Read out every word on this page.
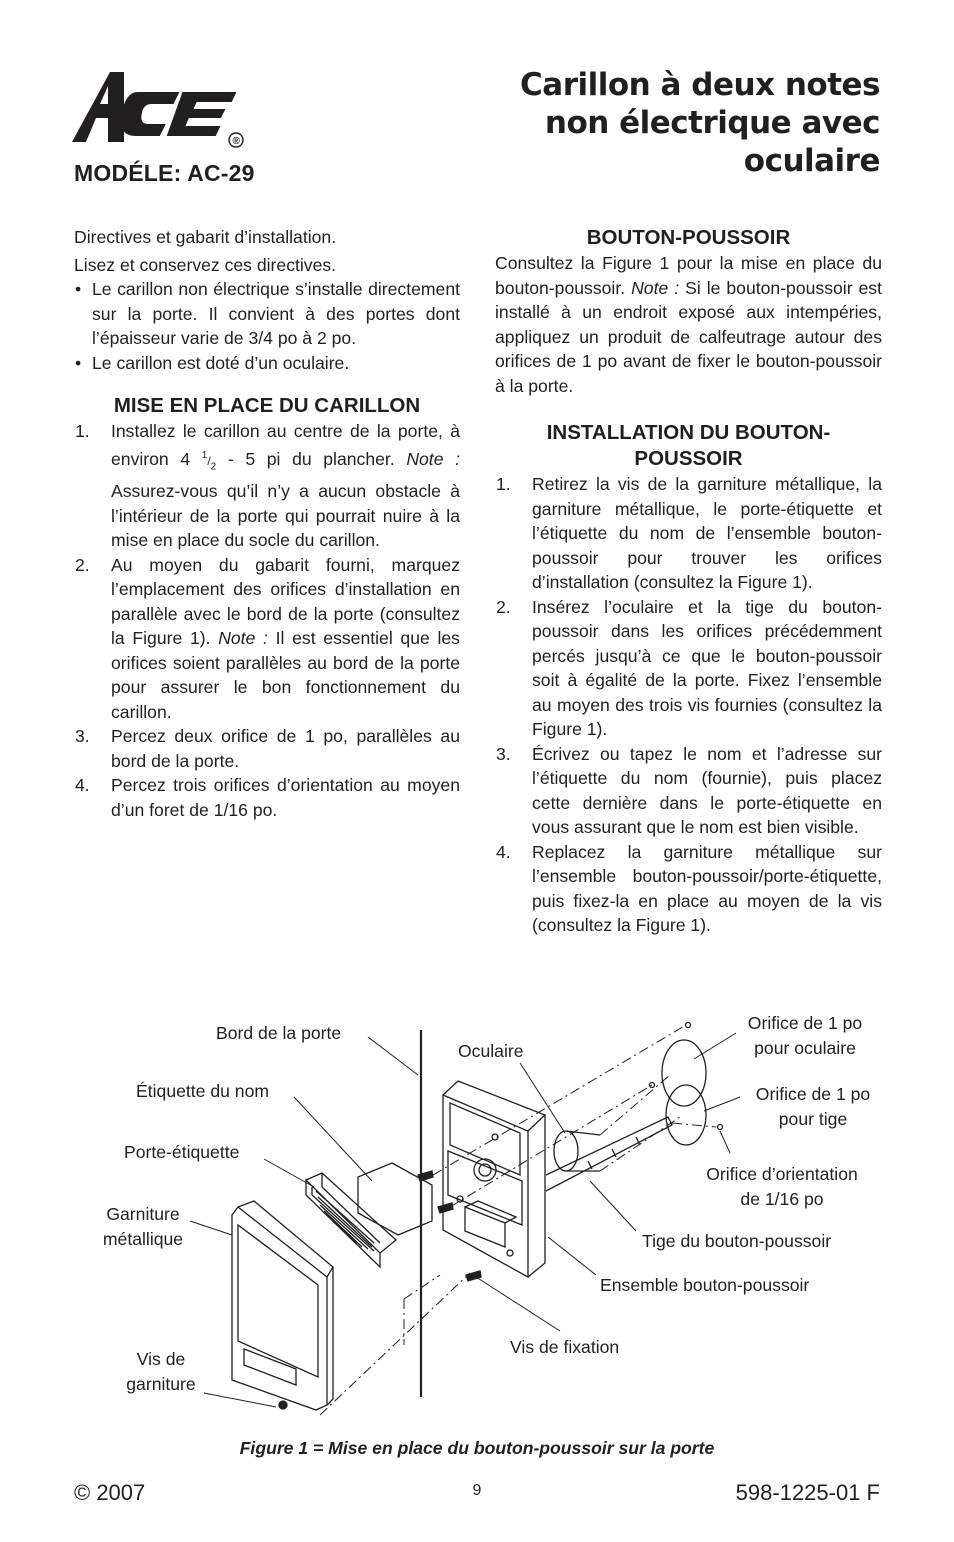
®
MODÉLE: AC-29
Carillon à deux notes
non électrique avec
oculaire
Directives et gabarit d’installation.
Lisez et conservez ces directives.
• Le carillon non électrique s’installe directement sur la porte. Il convient à des portes dont l’épaisseur varie de 3/4 po à 2 po.
• Le carillon est doté d’un oculaire.
MISE EN PLACE DU CARILLON
1. Installez le carillon au centre de la porte, à environ 4 $^1/_2 - 5$ pi du plancher. Note : Assurez-vous qu’il n’y a aucun obstacle à l’intérieur de la porte qui pourrait nuire à la mise en place du socle du carillon.
2. Au moyen du gabarit fourni, marquez l’emplacement des orifices d’installation en parallèle avec le bord de la porte (consultez la Figure 1). Note : Il est essentiel que les orifices soient parallèles au bord de la porte pour assurer le bon fonctionnement du carillon.
3. Percez deux orifice de 1 po, parallèles au bord de la porte.
4. Percez trois orifices d’orientation au moyen d’un foret de 1/16 po.
BOUTON-POUSSOIR
Consultez la Figure 1 pour la mise en place du bouton-poussoir. Note : Si le bouton-poussoir est installé à un endroit exposé aux intempéries, appliquez un produit de calfeutrage autour des orifices de 1 po avant de fixer le bouton-poussoir à la porte.
INSTALLATION DU BOUTON-
POUSSOIR
1. Retirez la vis de la garniture métallique, la garniture métallique, le porte-étiquette et l’étiquette du nom de l’ensemble bouton-poussoir pour trouver les orifices d’installation (consultez la Figure 1).
2. Insérez l’oculaire et la tige du bouton-poussoir dans les orifices précédemment percés jusqu’à ce que le bouton-poussoir soit à égalité de la porte. Fixez l’ensemble au moyen des trois vis fournies (consultez la Figure 1).
3. Écrivez ou tapez le nom et l’adresse sur l’étiquette du nom (fournie), puis placez cette dernière dans le porte-étiquette en vous assurant que le nom est bien visible.
4. Replacez la garniture métallique sur l’ensemble bouton-poussoir/porte-étiquette, puis fixez-la en place au moyen de la vis (consultez la Figure 1).
Bord de la porte
Étiquette du nom
Porte-étiquette
Garniture
métallique
Vis de
garniture
Oculaire
Orifice de 1 po
pour oculaire
Orifice de 1 po
pour tige
Orifice d’orientation
de 1/16 po
Tige du bouton-poussoir
Ensemble bouton-poussoir
Vis de fixation
Figure 1 = Mise en place du bouton-poussoir sur la porte
© 2007	9	598-1225-01 F
